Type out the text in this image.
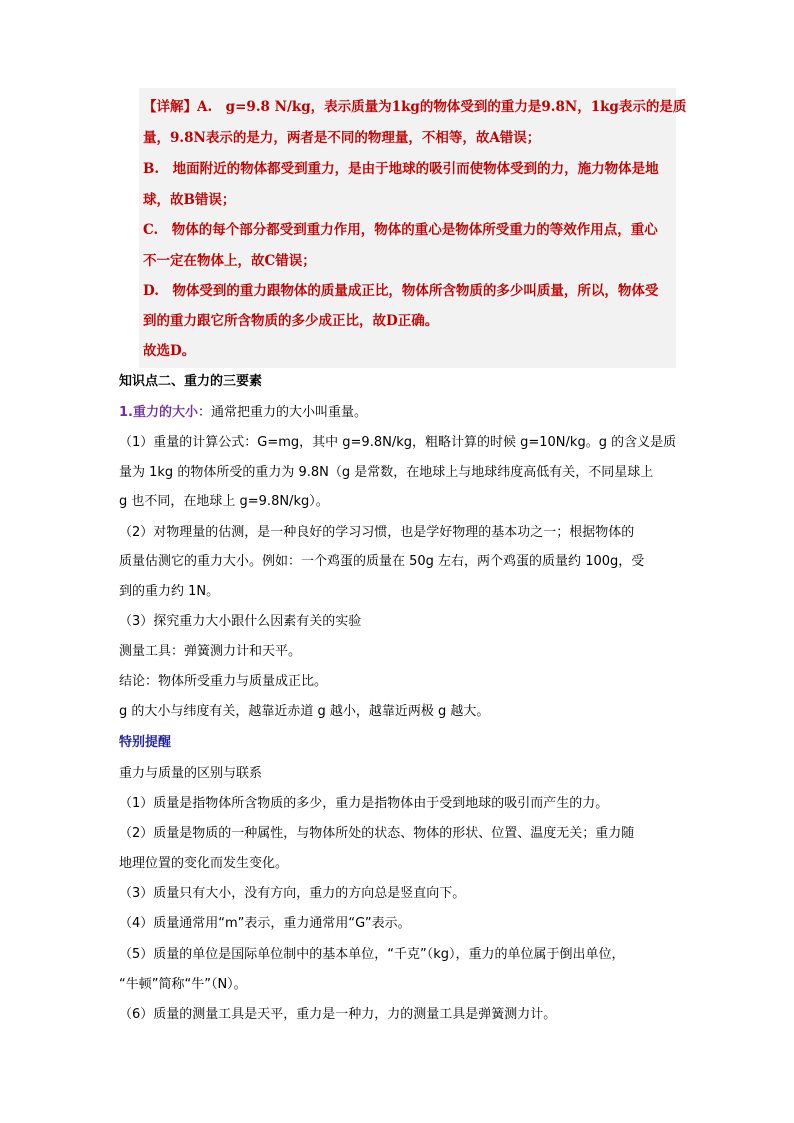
【详解】A.　g=9.8 N/kg，表示质量为1kg的物体受到的重力是9.8N，1kg表示的是质
量，9.8N表示的是力，两者是不同的物理量，不相等，故A错误；
B.　地面附近的物体都受到重力，是由于地球的吸引而使物体受到的力，施力物体是地
球，故B错误；
C.　物体的每个部分都受到重力作用，物体的重心是物体所受重力的等效作用点，重心
不一定在物体上，故C错误；
D.　物体受到的重力跟物体的质量成正比，物体所含物质的多少叫质量，所以，物体受
到的重力跟它所含物质的多少成正比，故D正确。
故选D。
知识点二、重力的三要素
1.重力的大小：通常把重力的大小叫重量。
（1）重量的计算公式：G=mg，其中 g=9.8N/kg，粗略计算的时候 g=10N/kg。g 的含义是质
量为 1kg 的物体所受的重力为 9.8N（g 是常数，在地球上与地球纬度高低有关，不同星球上
g 也不同，在地球上 g=9.8N/kg）。
（2）对物理量的估测，是一种良好的学习习惯，也是学好物理的基本功之一；根据物体的
质量估测它的重力大小。例如：一个鸡蛋的质量在 50g 左右，两个鸡蛋的质量约 100g，受
到的重力约 1N。
（3）探究重力大小跟什么因素有关的实验
测量工具：弹簧测力计和天平。
结论：物体所受重力与质量成正比。
g 的大小与纬度有关，越靠近赤道 g 越小，越靠近两极 g 越大。
特别提醒
重力与质量的区别与联系
（1）质量是指物体所含物质的多少，重力是指物体由于受到地球的吸引而产生的力。
（2）质量是物质的一种属性，与物体所处的状态、物体的形状、位置、温度无关；重力随
地理位置的变化而发生变化。
（3）质量只有大小，没有方向，重力的方向总是竖直向下。
（4）质量通常用“m”表示，重力通常用“G”表示。
（5）质量的单位是国际单位制中的基本单位，“千克”（kg），重力的单位属于倒出单位，
“牛顿”简称“牛”（N）。
（6）质量的测量工具是天平，重力是一种力，力的测量工具是弹簧测力计。
